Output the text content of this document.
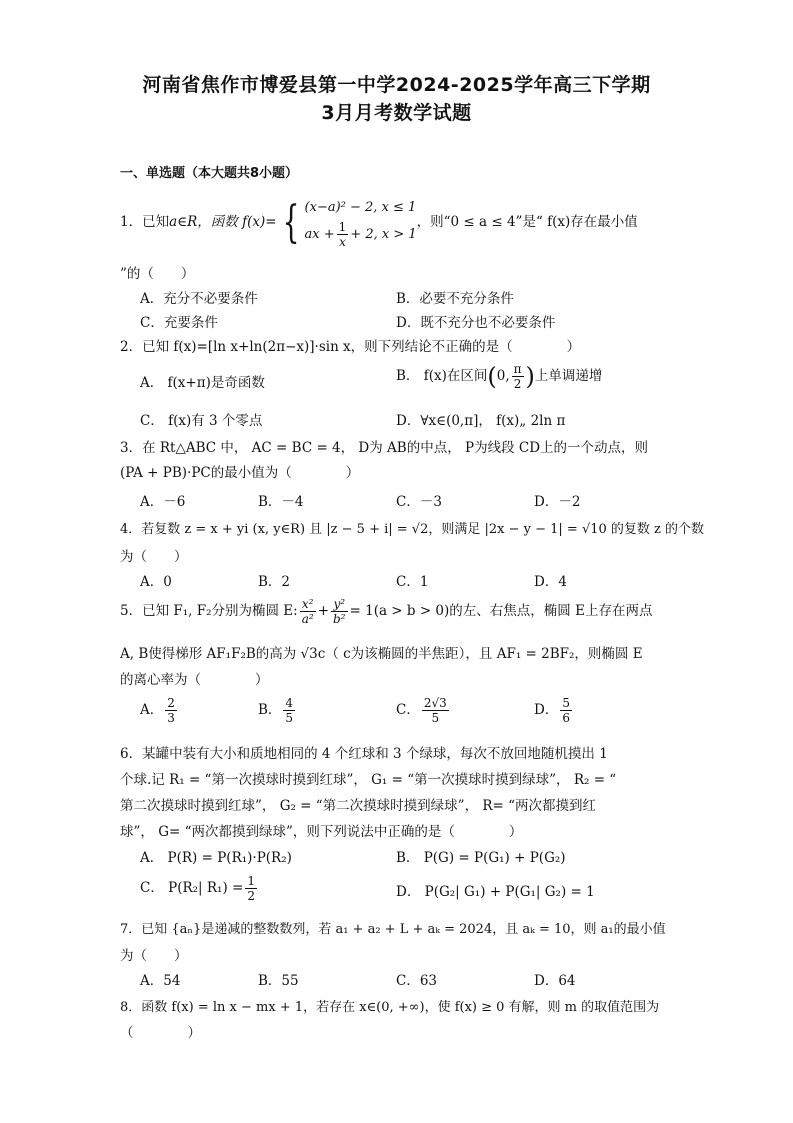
河南省焦作市博爱县第一中学2024-2025学年高三下学期
3月月考数学试题
一、单选题（本大题共8小题）
1．已知a∈R，函数 f(x)= { (x−a)² − 2, x ≤ 1
ax + $\frac{1}{x} + 2$, x > 1
，则“0 ≤ a ≤ 4”是“ f(x)存在最小值
”的（　　）
A．充分不必要条件	B．必要不充分条件
C．充要条件	D．既不充分也不必要条件
2．已知 f(x)=[ln x+ln(2π−x)]·sin x，则下列结论不正确的是（　　　　）
A． f(x+π)是奇函数	B． f(x)在区间(0, $\frac{\pi}{2}$ )上单调递增
C． f(x)有 3 个零点	D．∀x∈(0,π]， f(x)„ 2ln π
3．在 Rt△ABC 中， AC = BC = 4， D为 AB的中点， P为线段 CD上的一个动点，则
(PA + PB)·PC的最小值为（　　　　）
A．－6	B．－4	C．－3	D．－2
4．若复数 z = x + yi (x, y∈R) 且 |z − 5 + i| = √2，则满足 |2x − y − 1| = √10 的复数 z 的个数
为（　　）
A．0	B．2	C．1	D．4
5．已知 F₁, F₂分别为椭圆 E: $\frac{\text{x²}}{\text{a²}} + \frac{\text{y²}}{\text{b²}} = 1(a > b > 0)$的左、右焦点，椭圆 E上存在两点
A, B使得梯形 AF₁F₂B的高为 √3c（ c为该椭圆的半焦距），且 AF₁ = 2BF₂，则椭圆 E
的离心率为（　　　　）
A． $\frac{2}{3}$	B． $\frac{4}{5}$	C． $\frac{2√3}{5}$	D． $\frac{5}{6}$
6．某罐中装有大小和质地相同的 4 个红球和 3 个绿球，每次不放回地随机摸出 1
个球.记 R₁ = “第一次摸球时摸到红球”， G₁ = “第一次摸球时摸到绿球”， R₂ = “
第二次摸球时摸到红球”， G₂ = “第二次摸球时摸到绿球”， R= “两次都摸到红
球”， G= “两次都摸到绿球”，则下列说法中正确的是（　　　　）
A． P(R) = P(R₁)·P(R₂)	B． P(G) = P(G₁) + P(G₂)
C． P(R₂| $R_1) = \frac{1}{2}$	D． P(G₂| G₁) + P(G₁| G₂) = 1
7．已知 {aₙ}是递减的整数数列，若 a₁ + a₂ + L + aₖ = 2024，且 aₖ = 10，则 a₁的最小值
为（　　）
A．54	B．55	C．63	D．64
8．函数 f(x) = ln x − mx + 1，若存在 x∈(0, +∞)，使 f(x) ≥ 0 有解，则 m 的取值范围为
（　　　　）
